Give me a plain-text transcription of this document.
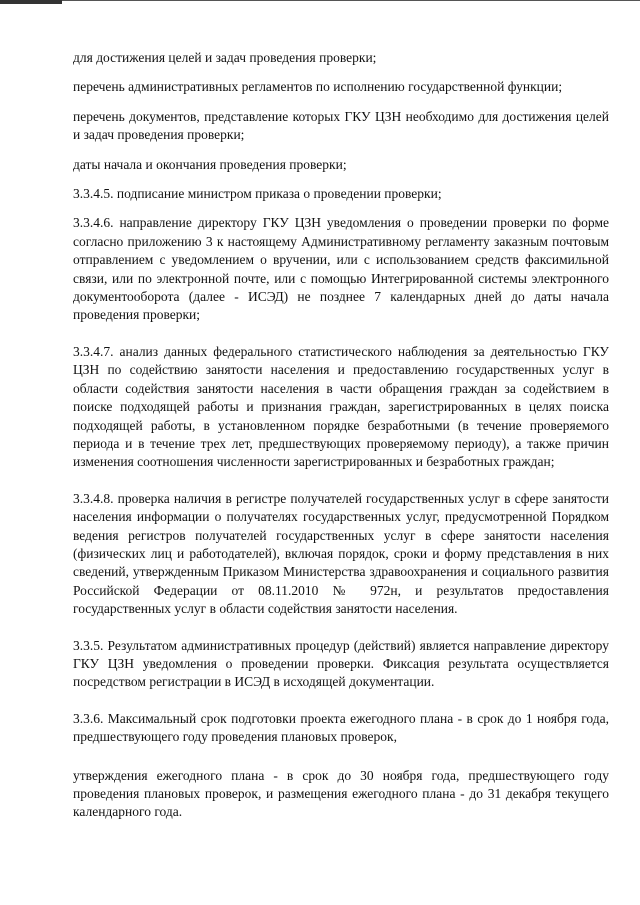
для достижения целей и задач проведения проверки;

перечень административных регламентов по исполнению государственной функции;

перечень документов, представление которых ГКУ ЦЗН необходимо для достижения целей и задач проведения проверки;

даты начала и окончания проведения проверки;

3.3.4.5. подписание министром приказа о проведении проверки;

3.3.4.6. направление директору ГКУ ЦЗН уведомления о проведении проверки по форме согласно приложению 3 к настоящему Административному регламенту заказным почтовым отправлением с уведомлением о вручении, или с использованием средств факсимильной связи, или по электронной почте, или с помощью Интегрированной системы электронного документооборота (далее - ИСЭД) не позднее 7 календарных дней до даты начала проведения проверки;

3.3.4.7. анализ данных федерального статистического наблюдения за деятельностью ГКУ ЦЗН по содействию занятости населения и предоставлению государственных услуг в области содействия занятости населения в части обращения граждан за содействием в поиске подходящей работы и признания граждан, зарегистрированных в целях поиска подходящей работы, в установленном порядке безработными (в течение проверяемого периода и в течение трех лет, предшествующих проверяемому периоду), а также причин изменения соотношения численности зарегистрированных и безработных граждан;

3.3.4.8. проверка наличия в регистре получателей государственных услуг в сфере занятости населения информации о получателях государственных услуг, предусмотренной Порядком ведения регистров получателей государственных услуг в сфере занятости населения (физических лиц и работодателей), включая порядок, сроки и форму представления в них сведений, утвержденным Приказом Министерства здравоохранения и социального развития Российской Федерации от 08.11.2010 № 972н, и результатов предоставления государственных услуг в области содействия занятости населения.

3.3.5. Результатом административных процедур (действий) является направление директору ГКУ ЦЗН уведомления о проведении проверки. Фиксация результата осуществляется посредством регистрации в ИСЭД в исходящей документации.

3.3.6. Максимальный срок подготовки проекта ежегодного плана - в срок до 1 ноября года, предшествующего году проведения плановых проверок,

утверждения ежегодного плана - в срок до 30 ноября года, предшествующего году проведения плановых проверок, и размещения ежегодного плана - до 31 декабря текущего календарного года.
